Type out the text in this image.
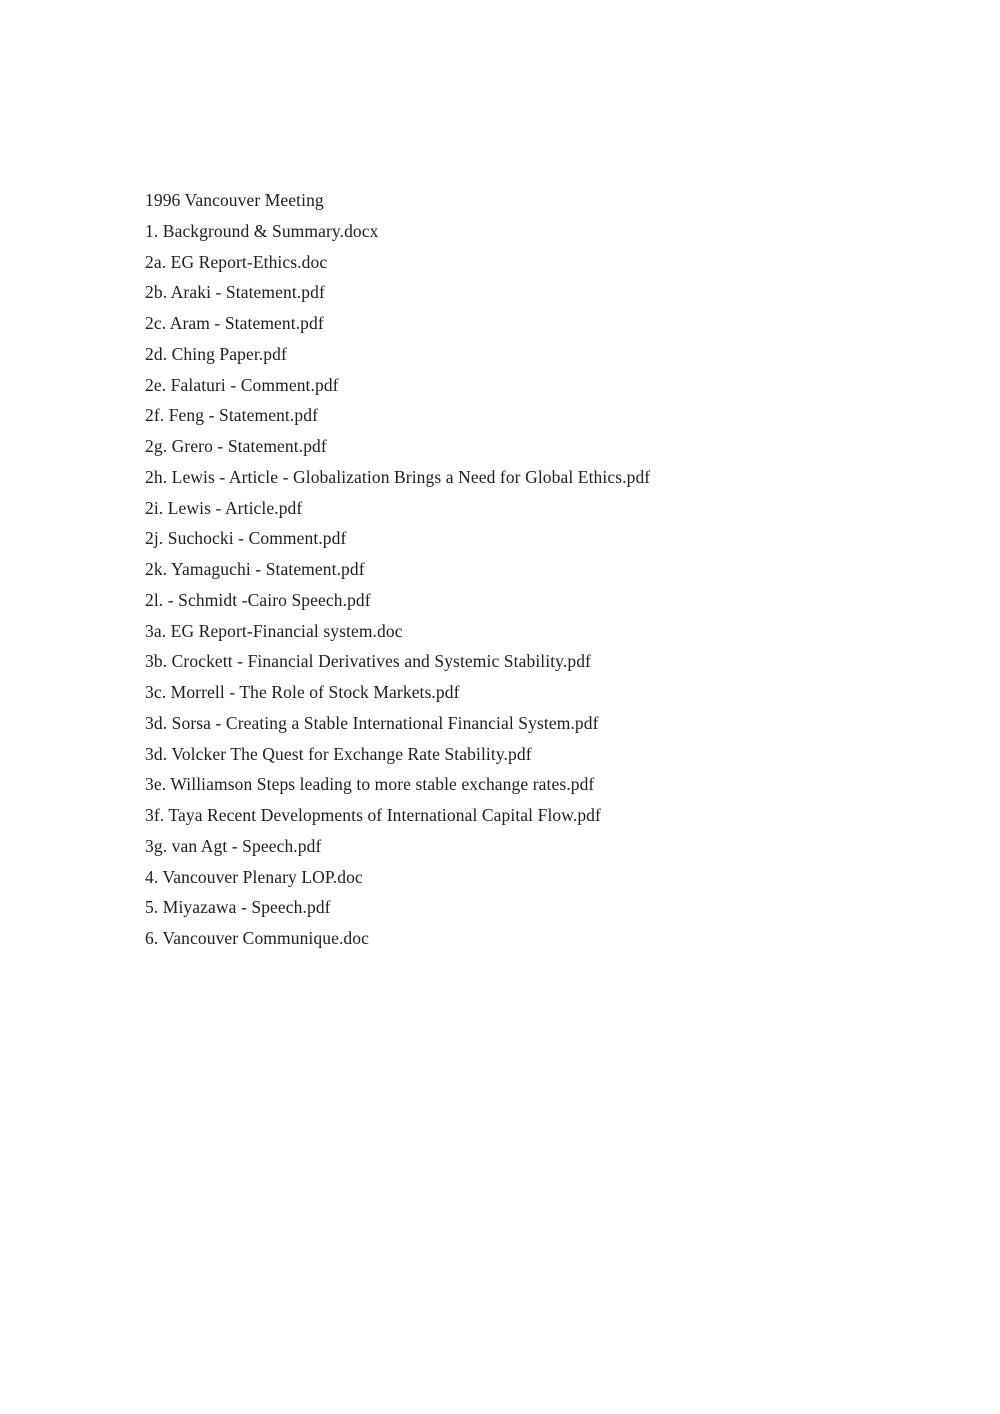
1996 Vancouver Meeting
1. Background & Summary.docx
2a. EG Report-Ethics.doc
2b. Araki - Statement.pdf
2c. Aram - Statement.pdf
2d. Ching Paper.pdf
2e. Falaturi - Comment.pdf
2f. Feng - Statement.pdf
2g. Grero - Statement.pdf
2h. Lewis - Article - Globalization Brings a Need for Global Ethics.pdf
2i. Lewis - Article.pdf
2j. Suchocki - Comment.pdf
2k. Yamaguchi - Statement.pdf
2l. - Schmidt -Cairo Speech.pdf
3a. EG Report-Financial system.doc
3b. Crockett - Financial Derivatives and Systemic Stability.pdf
3c. Morrell - The Role of Stock Markets.pdf
3d. Sorsa - Creating a Stable International Financial System.pdf
3d. Volcker The Quest for Exchange Rate Stability.pdf
3e. Williamson Steps leading to more stable exchange rates.pdf
3f. Taya Recent Developments of International Capital Flow.pdf
3g. van Agt - Speech.pdf
4. Vancouver Plenary LOP.doc
5. Miyazawa - Speech.pdf
6. Vancouver Communique.doc
